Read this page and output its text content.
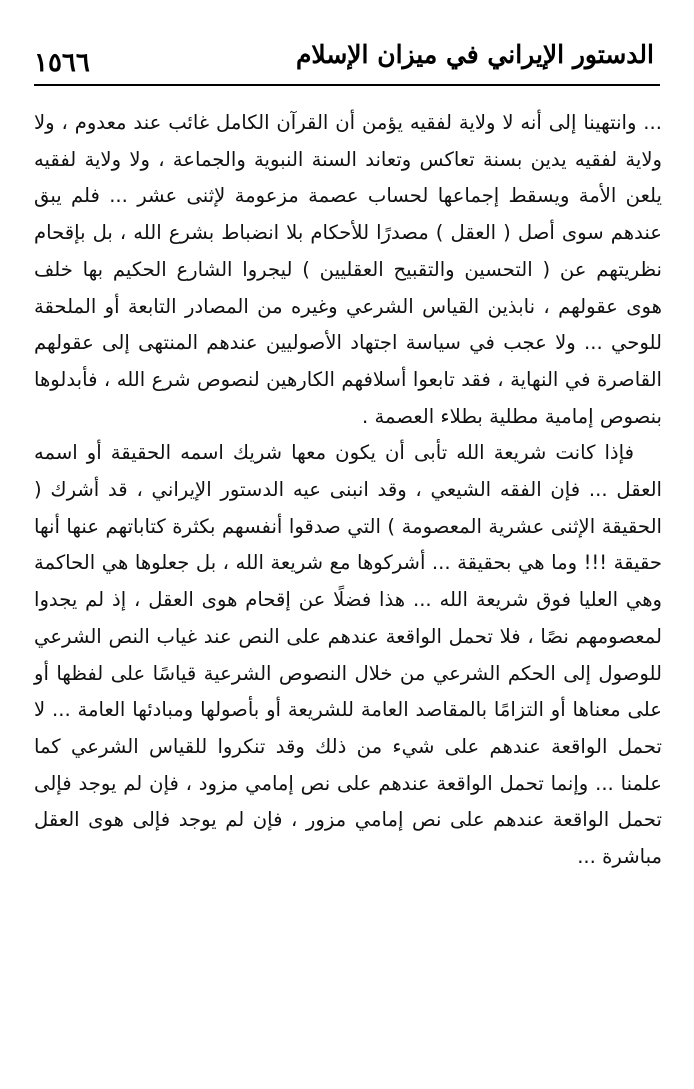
١٥٦٦	الدستور الإيراني في ميزان الإسلام

... وانتهينا إلى أنه لا ولاية لفقيه يؤمن أن القرآن الكامل غائب عند معدوم ، ولا ولاية لفقيه يدين بسنة تعاكس وتعاند السنة النبوية والجماعة ، ولا ولاية لفقيه يلعن الأمة ويسقط إجماعها لحساب عصمة مزعومة لإثنى عشر ... فلم يبق عندهم سوى أصل ( العقل ) مصدرًا للأحكام بلا انضباط بشرع الله ، بل بإقحام نظريتهم عن ( التحسين والتقبيح العقليين ) ليجروا الشارع الحكيم بها خلف هوى عقولهم ، نابذين القياس الشرعي وغيره من المصادر التابعة أو الملحقة للوحي ... ولا عجب في سياسة اجتهاد الأصوليين عندهم المنتهى إلى عقولهم القاصرة في النهاية ، فقد تابعوا أسلافهم الكارهين لنصوص شرع الله ، فأبدلوها بنصوص إمامية مطلية بطلاء العصمة .

فإذا كانت شريعة الله تأبى أن يكون معها شريك اسمه الحقيقة أو اسمه العقل ... فإن الفقه الشيعي ، وقد انبنى عيه الدستور الإيراني ، قد أشرك ( الحقيقة الإثنى عشرية المعصومة ) التي صدقوا أنفسهم بكثرة كتاباتهم عنها أنها حقيقة !!! وما هي بحقيقة ... أشركوها مع شريعة الله ، بل جعلوها هي الحاكمة وهي العليا فوق شريعة الله ... هذا فضلًا عن إقحام هوى العقل ، إذ لم يجدوا لمعصومهم نصًا ، فلا تحمل الواقعة عندهم على النص عند غياب النص الشرعي للوصول إلى الحكم الشرعي من خلال النصوص الشرعية قياسًا على لفظها أو على معناها أو التزامًا بالمقاصد العامة للشريعة أو بأصولها ومبادئها العامة ... لا تحمل الواقعة عندهم على شيء من ذلك وقد تنكروا للقياس الشرعي كما علمنا ... وإنما تحمل الواقعة عندهم على نص إمامي مزود ، فإن لم يوجد فإلى تحمل الواقعة عندهم على نص إمامي مزور ، فإن لم يوجد فإلى هوى العقل مباشرة ...
